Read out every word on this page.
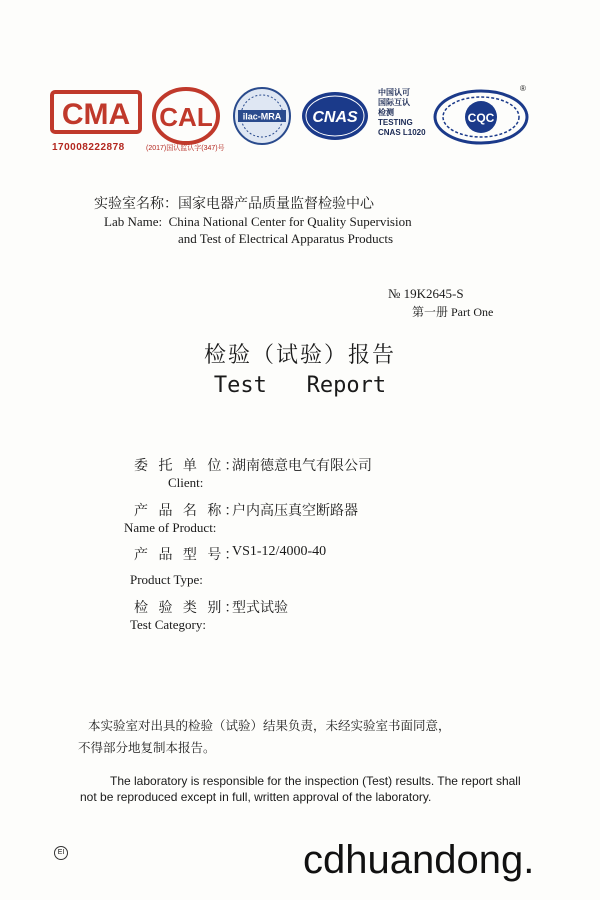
CMA
170008222878
CAL
(2017)国认监认字(347)号
ilac-MRA CNAS
中国认可
国际互认
检测
TESTING
CNAS L1020
CQC
®
实验室名称：国家电器产品质量监督检验中心
Lab Name: China National Center for Quality Supervision
and Test of Electrical Apparatus Products
№ 19K2645-S
第一册 Part One
检验（试验）报告
Test   Report
委 托 单 位：
湖南德意电气有限公司
Client:
产 品 名 称：
户内高压真空断路器
Name of Product:
产 品 型 号：
VS1-12/4000-40
Product Type:
检 验 类 别：
型式试验
Test Category:
本实验室对出具的检验（试验）结果负责，未经实验室书面同意，
不得部分地复制本报告。
The laboratory is responsible for the inspection (Test) results. The report shall
not be reproduced except in full, written approval of the laboratory.
EI	cdhuandong.
